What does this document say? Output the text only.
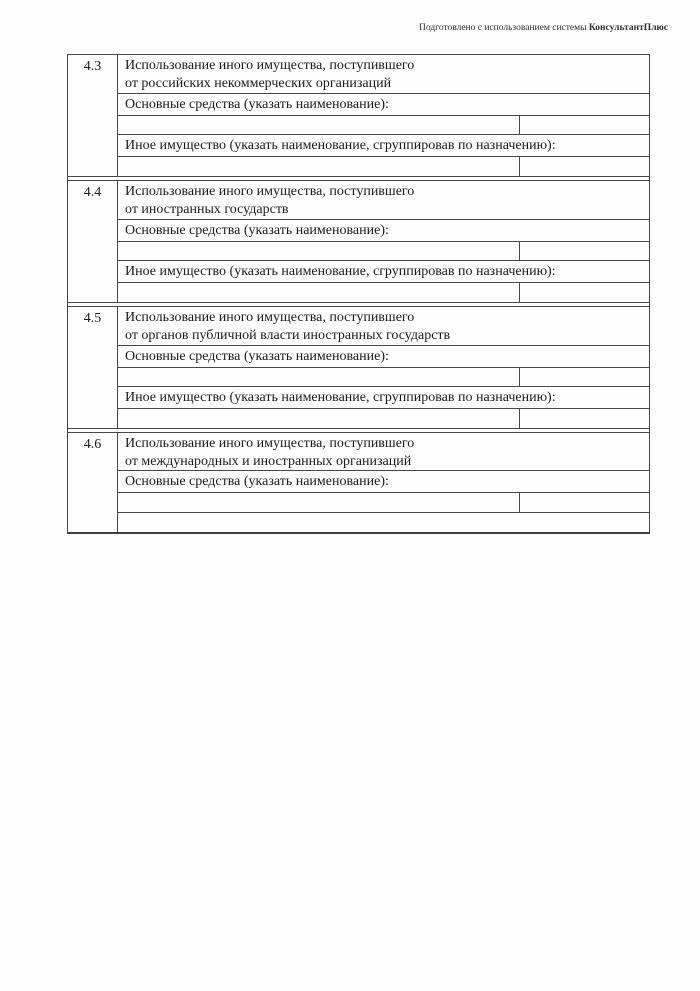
Подготовлено с использованием системы КонсультантПлюс
4.3	Использование иного имущества, поступившего
от российских некоммерческих организаций
Основные средства (указать наименование):
Иное имущество (указать наименование, сгруппировав по назначению):
4.4	Использование иного имущества, поступившего
от иностранных государств
Основные средства (указать наименование):
Иное имущество (указать наименование, сгруппировав по назначению):
4.5	Использование иного имущества, поступившего
от органов публичной власти иностранных государств
Основные средства (указать наименование):
Иное имущество (указать наименование, сгруппировав по назначению):
4.6	Использование иного имущества, поступившего
от международных и иностранных организаций
Основные средства (указать наименование):
